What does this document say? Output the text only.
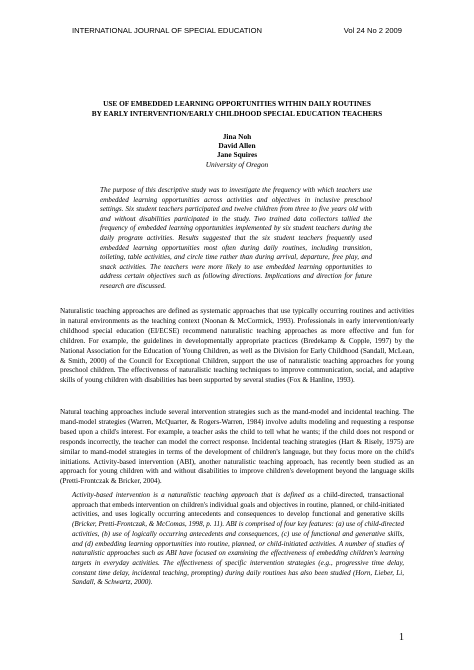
INTERNATIONAL JOURNAL OF SPECIAL EDUCATION	Vol 24 No 2 2009
USE OF EMBEDDED LEARNING OPPORTUNITIES WITHIN DAILY ROUTINES
BY EARLY INTERVENTION/EARLY CHILDHOOD SPECIAL EDUCATION TEACHERS
Jina Noh
David Allen
Jane Squires
University of Oregon
The purpose of this descriptive study was to investigate the frequency with which teachers use embedded learning opportunities across activities and objectives in inclusive preschool settings. Six student teachers participated and twelve children from three to five years old with and without disabilities participated in the study. Two trained data collectors tallied the frequency of embedded learning opportunities implemented by six student teachers during the daily program activities. Results suggested that the six student teachers frequently used embedded learning opportunities most often during daily routines, including transition, toileting, table activities, and circle time rather than during arrival, departure, free play, and snack activities. The teachers were more likely to use embedded learning opportunities to address certain objectives such as following directions. Implications and direction for future research are discussed.
Naturalistic teaching approaches are defined as systematic approaches that use typically occurring routines and activities in natural environments as the teaching context (Noonan & McCormick, 1993). Professionals in early intervention/early childhood special education (EI/ECSE) recommend naturalistic teaching approaches as more effective and fun for children. For example, the guidelines in developmentally appropriate practices (Bredekamp & Copple, 1997) by the National Association for the Education of Young Children, as well as the Division for Early Childhood (Sandall, McLean, & Smith, 2000) of the Council for Exceptional Children, support the use of naturalistic teaching approaches for young preschool children. The effectiveness of naturalistic teaching techniques to improve communication, social, and adaptive skills of young children with disabilities has been supported by several studies (Fox & Hanline, 1993).
Natural teaching approaches include several intervention strategies such as the mand-model and incidental teaching. The mand-model strategies (Warren, McQuarter, & Rogers-Warren, 1984) involve adults modeling and requesting a response based upon a child's interest. For example, a teacher asks the child to tell what he wants; if the child does not respond or responds incorrectly, the teacher can model the correct response. Incidental teaching strategies (Hart & Risely, 1975) are similar to mand-model strategies in terms of the development of children's language, but they focus more on the child's initiations. Activity-based intervention (ABI), another naturalistic teaching approach, has recently been studied as an approach for young children with and without disabilities to improve children's development beyond the language skills (Pretti-Frontczak & Bricker, 2004).
Activity-based intervention is a naturalistic teaching approach that is defined as a child-directed, transactional approach that embeds intervention on children's individual goals and objectives in routine, planned, or child-initiated activities, and uses logically occurring antecedents and consequences to develop functional and generative skills (Bricker, Pretti-Frontczak, & McComas, 1998, p. 11). ABI is comprised of four key features: (a) use of child-directed activities, (b) use of logically occurring antecedents and consequences, (c) use of functional and generative skills, and (d) embedding learning opportunities into routine, planned, or child-initiated activities. A number of studies of naturalistic approaches such as ABI have focused on examining the effectiveness of embedding children's learning targets in everyday activities. The effectiveness of specific intervention strategies (e.g., progressive time delay, constant time delay, incidental teaching, prompting) during daily routines has also been studied (Horn, Lieber, Li, Sandall, & Schwartz, 2000).
1
